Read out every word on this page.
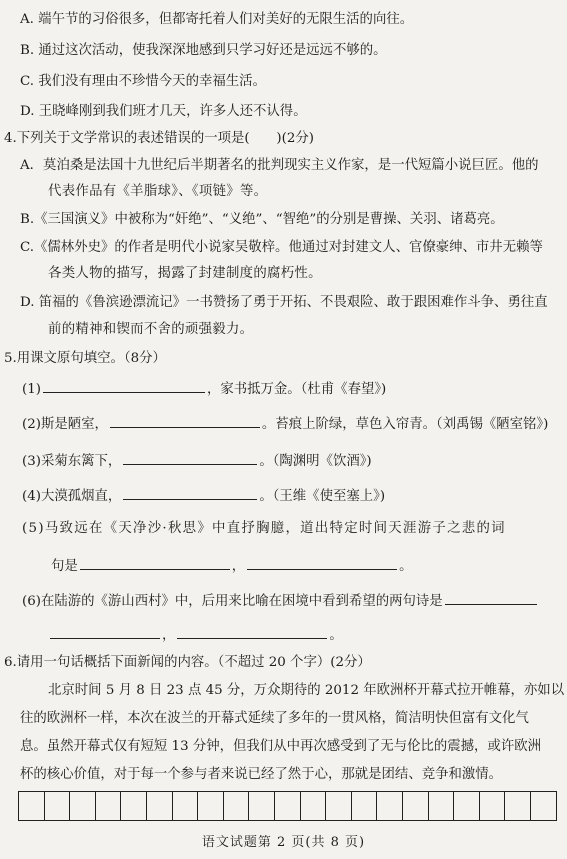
A. 端午节的习俗很多，但都寄托着人们对美好的无限生活的向往。
B. 通过这次活动，使我深深地感到只学习好还是远远不够的。
C. 我们没有理由不珍惜今天的幸福生活。
D. 王晓峰刚到我们班才几天，许多人还不认得。
4.下列关于文学常识的表述错误的一项是(　　)(2分)
A．莫泊桑是法国十九世纪后半期著名的批判现实主义作家，是一代短篇小说巨匠。他的
代表作品有《羊脂球》、《项链》等。
B.《三国演义》中被称为“奸绝”、“义绝”、“智绝”的分别是曹操、关羽、诸葛亮。
C.《儒林外史》的作者是明代小说家吴敬梓。他通过对封建文人、官僚豪绅、市井无赖等
各类人物的描写，揭露了封建制度的腐朽性。
D. 笛福的《鲁滨逊漂流记》一书赞扬了勇于开拓、不畏艰险、敢于跟困难作斗争、勇往直
前的精神和锲而不舍的顽强毅力。
5.用课文原句填空。（8分）
(1)	，家书抵万金。（杜甫《春望》)
(2)斯是陋室，	。苔痕上阶绿，草色入帘青。（刘禹锡《陋室铭》)
(3)采菊东篱下，	。（陶渊明《饮酒》)
(4)大漠孤烟直，	。（王维《使至塞上》)
(5)马致远在《天净沙·秋思》中直抒胸臆，道出特定时间天涯游子之悲的词
句是	，	。
(6)在陆游的《游山西村》中，后用来比喻在困境中看到希望的两句诗是
，	。
6.请用一句话概括下面新闻的内容。（不超过 20 个字）(2分）
北京时间 5 月 8 日 23 点 45 分，万众期待的 2012 年欧洲杯开幕式拉开帷幕，亦如以
往的欧洲杯一样，本次在波兰的开幕式延续了多年的一贯风格，简洁明快但富有文化气
息。虽然开幕式仅有短短 13 分钟，但我们从中再次感受到了无与伦比的震撼，或许欧洲
杯的核心价值，对于每一个参与者来说已经了然于心，那就是团结、竞争和激情。
语文试题第 2 页(共 8 页)
